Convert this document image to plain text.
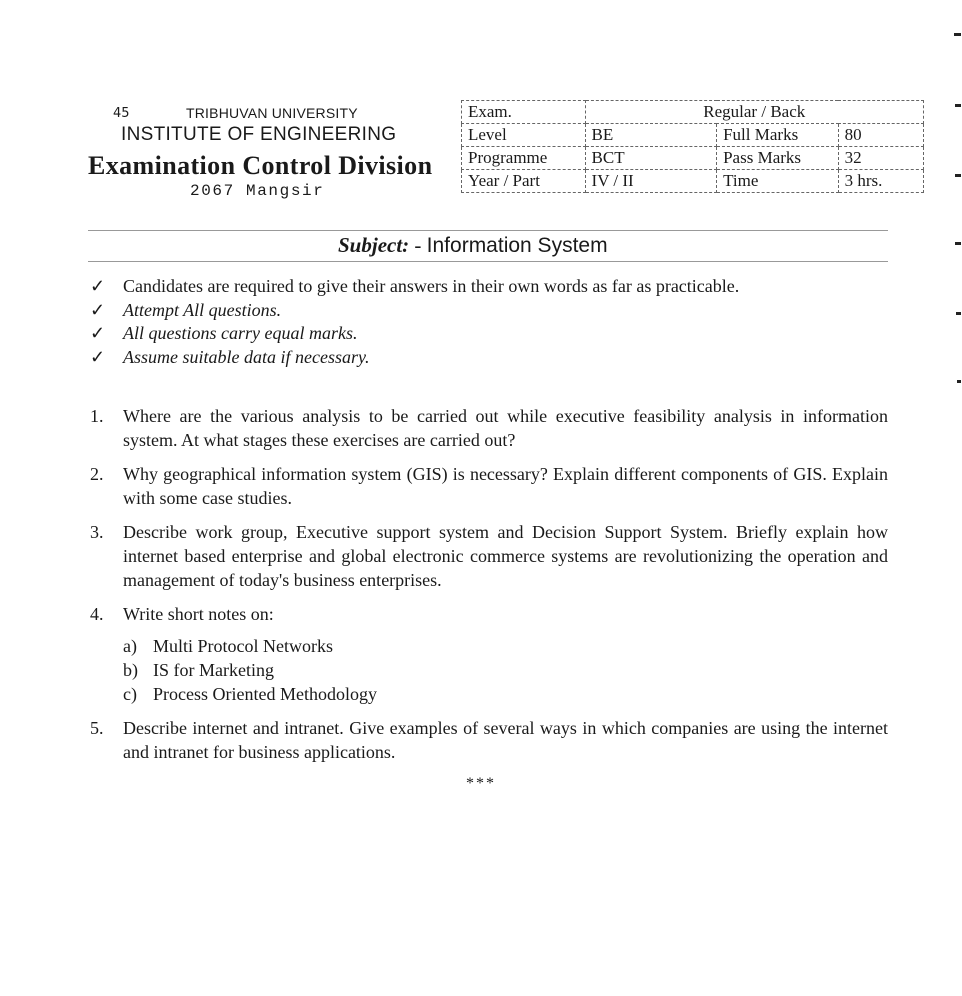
45	TRIBHUVAN UNIVERSITY
INSTITUTE OF ENGINEERING
Examination Control Division
2067 Mangsir
Exam.	Regular / Back		
Level	BE	Full Marks	80
Programme	BCT	Pass Marks	32
Year / Part	IV / II	Time	3 hrs.
Subject: - Information System
✓ Candidates are required to give their answers in their own words as far as practicable.
✓ Attempt All questions.
✓ All questions carry equal marks.
✓ Assume suitable data if necessary.
1. Where are the various analysis to be carried out while executive feasibility analysis in information system. At what stages these exercises are carried out?
2. Why geographical information system (GIS) is necessary? Explain different components of GIS. Explain with some case studies.
3. Describe work group, Executive support system and Decision Support System. Briefly explain how internet based enterprise and global electronic commerce systems are revolutionizing the operation and management of today's business enterprises.
4. Write short notes on:
a) Multi Protocol Networks
b) IS for Marketing
c) Process Oriented Methodology
5. Describe internet and intranet. Give examples of several ways in which companies are using the internet and intranet for business applications.
***
